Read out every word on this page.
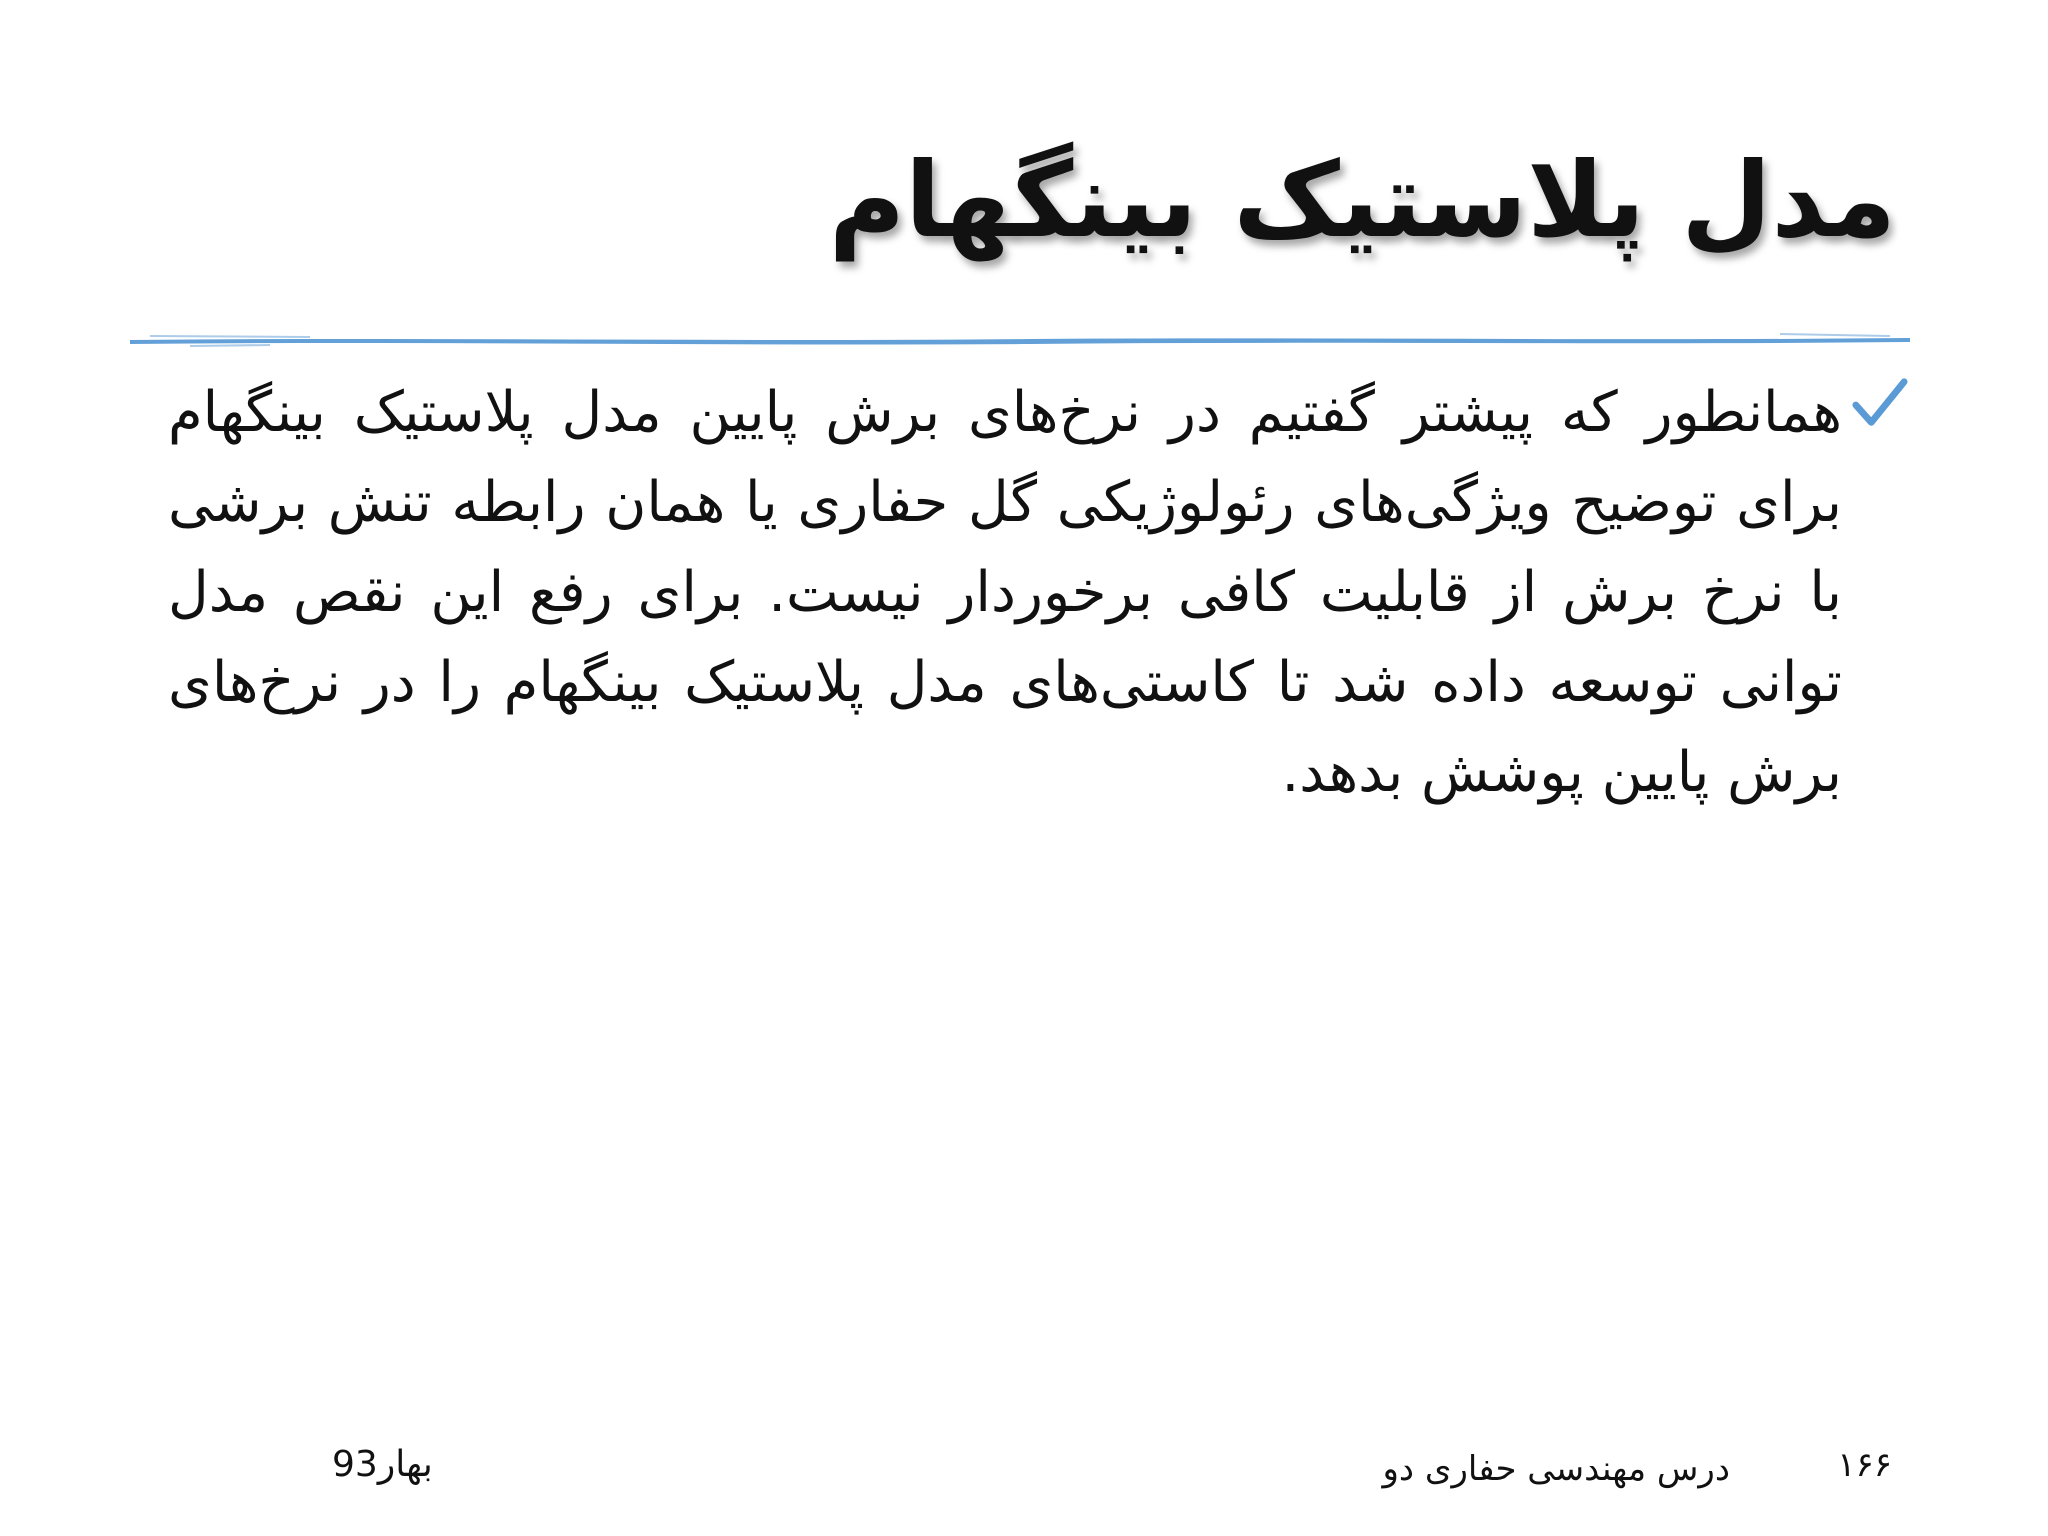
مدل پلاستیک بینگهام
همانطور که پیشتر گفتیم در نرخ‌های برش پایین مدل پلاستیک بینگهام برای توضیح ویژگی‌های رئولوژیکی گل حفاری یا همان رابطه تنش برشی با نرخ برش از قابلیت کافی برخوردار نیست. برای رفع این نقص مدل توانی توسعه داده شد تا کاستی‌های مدل پلاستیک بینگهام را در نرخ‌های برش پایین پوشش بدهد.
۱۶۶
درس مهندسی حفاری دو
بهار93
